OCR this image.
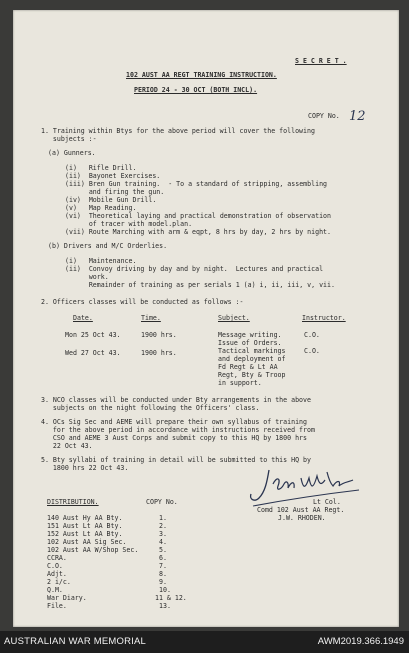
S E C R E T .
102 AUST AA REGT TRAINING INSTRUCTION.
PERIOD 24 - 30 OCT (BOTH INCL).
COPY No. 12
1. Training within Btys for the above period will cover the following
subjects :-
(a) Gunners.
(i)   Rifle Drill.
(ii)  Bayonet Exercises.
(iii) Bren Gun training.  - To a standard of stripping, assembling
and firing the gun.
(iv)  Mobile Gun Drill.
(v)   Map Reading.
(vi)  Theoretical laying and practical demonstration of observation
of tracer with model.plan.
(vii) Route Marching with arm & eqpt, 8 hrs by day, 2 hrs by night.
(b) Drivers and M/C Orderlies.
(i)   Maintenance.
(ii)  Convoy driving by day and by night.  Lectures and practical
work.
Remainder of training as per serials 1 (a) i, ii, iii, v, vii.
2. Officers classes will be conducted as follows :-
Date.	Time.	Subject.	Instructor.
Mon 25 Oct 43.	1900 hrs.	Message writing.
Issue of Orders.
C.O.
Wed 27 Oct 43.	1900 hrs.	Tactical markings
and deployment of
Fd Regt & Lt AA
Regt, Bty & Troop
in support.
C.O.
3. NCO classes will be conducted under Bty arrangements in the above
subjects on the night following the Officers' class.
4. OCs Sig Sec and AEME will prepare their own syllabus of training
for the above period in accordance with instructions received from
CSO and AEME 3 Aust Corps and submit copy to this HQ by 1800 hrs
22 Oct 43.
5. Bty syllabi of training in detail will be submitted to this HQ by
1800 hrs 22 Oct 43.
Lt Col.
Comd 102 Aust AA Regt.
J.W. RHODEN.
DISTRIBUTION.	COPY No.
140 Aust Hy AA Bty.	1.
151 Aust Lt AA Bty.	2.
152 Aust Lt AA Bty.	3.
102 Aust AA Sig Sec.	4.
102 Aust AA W/Shop Sec.	5.
CCRA.	6.
C.O.	7.
Adjt.	8.
2 i/c.	9.
Q.M.	10.
War Diary.	11 & 12.
File.	13.
AUSTRALIAN WAR MEMORIAL	AWM2019.366.1949
